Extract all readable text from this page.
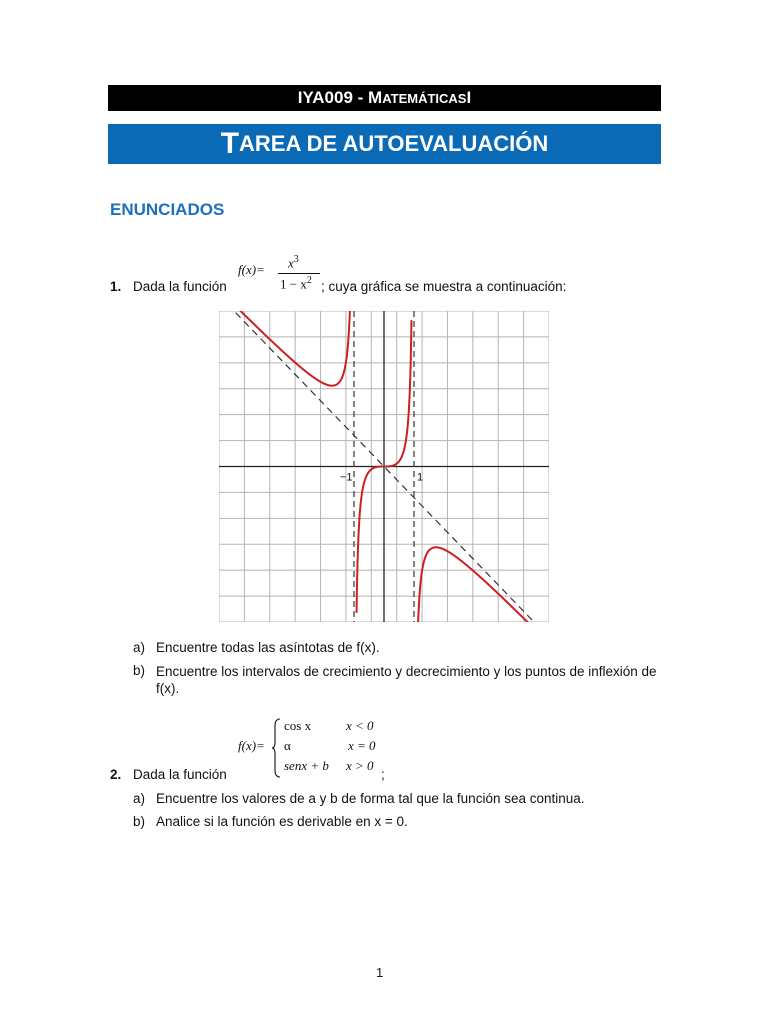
IYA009 - M ATEMÁTICAS I
T AREA DE AUTOEVALUACIÓN
ENUNCIADOS
$f(x)= x^3$
$1 - x^2$
1. Dada la función	; cuya gráfica se muestra a continuación:
−1	1
a) Encuentre todas las asíntotas de f(x).
b) Encuentre los intervalos de crecimiento y decrecimiento y los puntos de inflexión de f(x).
f(x)=
cos x	x < 0
α	x = 0
senx + b x > 0
2. Dada la función	;
a) Encuentre los valores de a y b de forma tal que la función sea continua.
b) Analice si la función es derivable en x = 0.
1
